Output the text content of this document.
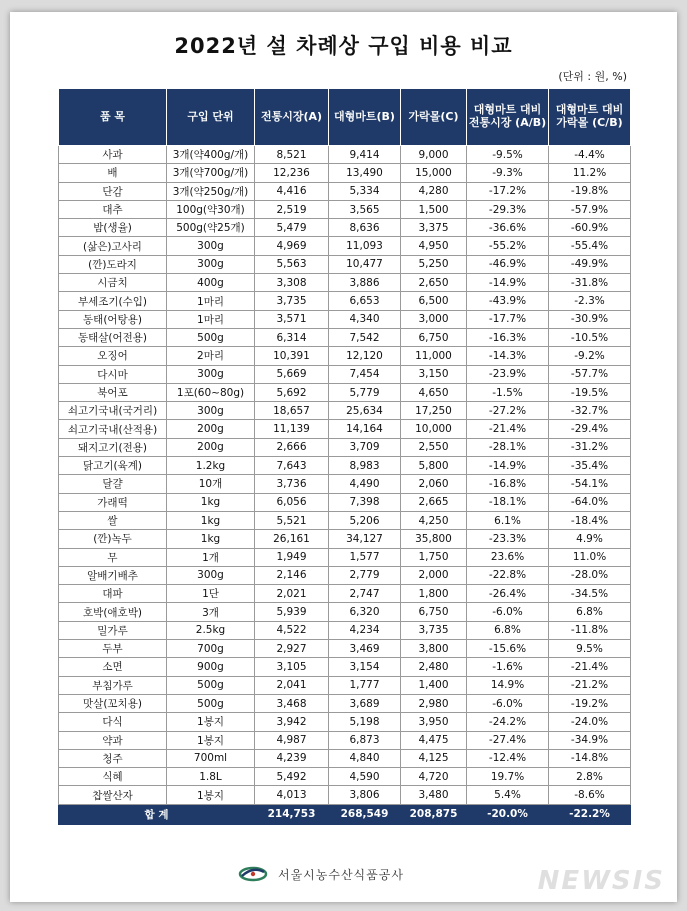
2022년 설 차례상 구입 비용 비교
(단위 : 원, %)
품 목	구입 단위	전통시장(A)	대형마트(B)	가락몰(C)	대형마트 대비 전통시장 (A/B)	대형마트 대비 가락몰 (C/B)
사과	3개(약400g/개)	8,521	9,414	9,000	-9.5%	-4.4%
배	3개(약700g/개)	12,236	13,490	15,000	-9.3%	11.2%
단감	3개(약250g/개)	4,416	5,334	4,280	-17.2%	-19.8%
대추	100g(약30개)	2,519	3,565	1,500	-29.3%	-57.9%
밤(생율)	500g(약25개)	5,479	8,636	3,375	-36.6%	-60.9%
(삶은)고사리	300g	4,969	11,093	4,950	-55.2%	-55.4%
(깐)도라지	300g	5,563	10,477	5,250	-46.9%	-49.9%
시금치	400g	3,308	3,886	2,650	-14.9%	-31.8%
부세조기(수입)	1마리	3,735	6,653	6,500	-43.9%	-2.3%
동태(어탕용)	1마리	3,571	4,340	3,000	-17.7%	-30.9%
동태살(어전용)	500g	6,314	7,542	6,750	-16.3%	-10.5%
오징어	2마리	10,391	12,120	11,000	-14.3%	-9.2%
다시마	300g	5,669	7,454	3,150	-23.9%	-57.7%
북어포	1포(60~80g)	5,692	5,779	4,650	-1.5%	-19.5%
쇠고기국내(국거리)	300g	18,657	25,634	17,250	-27.2%	-32.7%
쇠고기국내(산적용)	200g	11,139	14,164	10,000	-21.4%	-29.4%
돼지고기(전용)	200g	2,666	3,709	2,550	-28.1%	-31.2%
닭고기(육계)	1.2kg	7,643	8,983	5,800	-14.9%	-35.4%
달걀	10개	3,736	4,490	2,060	-16.8%	-54.1%
가래떡	1kg	6,056	7,398	2,665	-18.1%	-64.0%
쌀	1kg	5,521	5,206	4,250	6.1%	-18.4%
(깐)녹두	1kg	26,161	34,127	35,800	-23.3%	4.9%
무	1개	1,949	1,577	1,750	23.6%	11.0%
알배기배추	300g	2,146	2,779	2,000	-22.8%	-28.0%
대파	1단	2,021	2,747	1,800	-26.4%	-34.5%
호박(애호박)	3개	5,939	6,320	6,750	-6.0%	6.8%
밀가루	2.5kg	4,522	4,234	3,735	6.8%	-11.8%
두부	700g	2,927	3,469	3,800	-15.6%	9.5%
소면	900g	3,105	3,154	2,480	-1.6%	-21.4%
부침가루	500g	2,041	1,777	1,400	14.9%	-21.2%
맛살(꼬치용)	500g	3,468	3,689	2,980	-6.0%	-19.2%
다식	1봉지	3,942	5,198	3,950	-24.2%	-24.0%
약과	1봉지	4,987	6,873	4,475	-27.4%	-34.9%
청주	700ml	4,239	4,840	4,125	-12.4%	-14.8%
식혜	1.8L	5,492	4,590	4,720	19.7%	2.8%
찹쌀산자	1봉지	4,013	3,806	3,480	5.4%	-8.6%
합 계		214,753	268,549	208,875	-20.0%	-22.2%
서울시농수산식품공사	NEWSIS
